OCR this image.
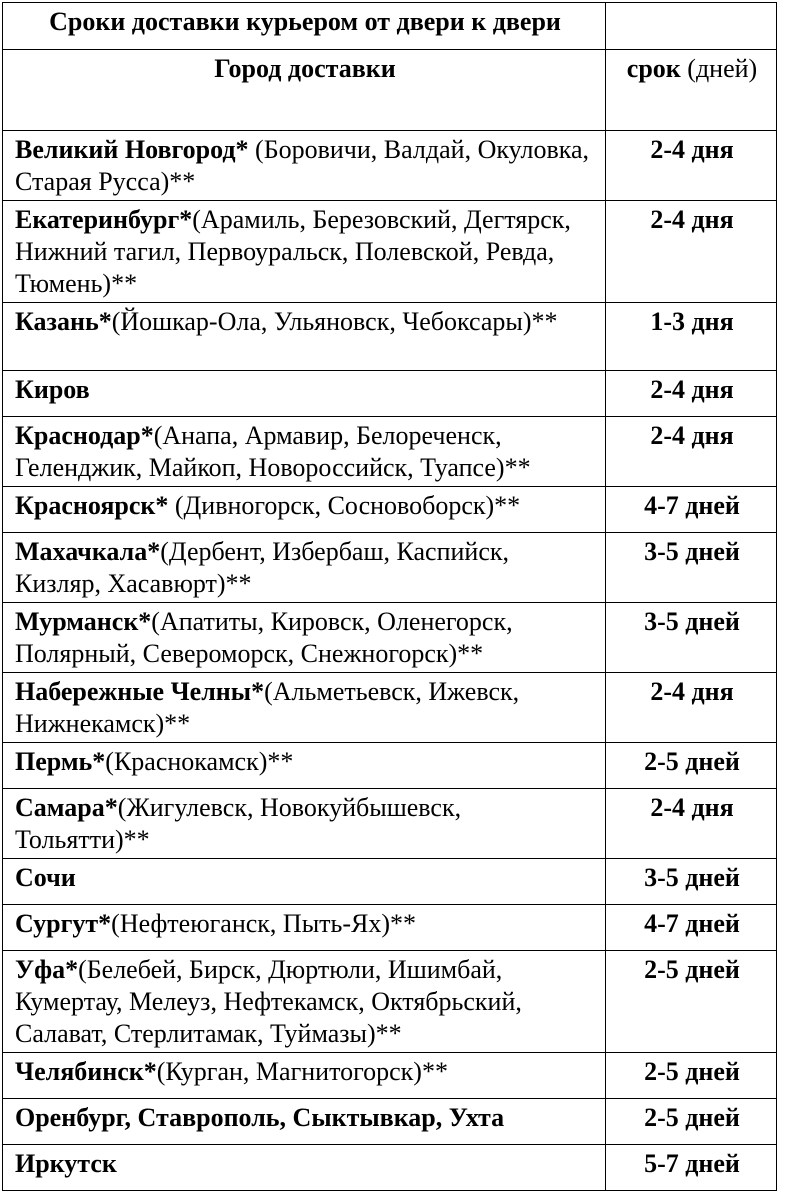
Сроки доставки курьером от двери к двери	
Город доставки	срок (дней)
Великий Новгород* (Боровичи, Валдай, Окуловка, Старая Русса)**	2-4 дня
Екатеринбург*(Арамиль, Березовский, Дегтярск, Нижний тагил, Первоуральск, Полевской, Ревда, Тюмень)**	2-4 дня
Казань*(Йошкар-Ола, Ульяновск, Чебоксары)**	1-3 дня
Киров	2-4 дня
Краснодар*(Анапа, Армавир, Белореченск, Геленджик, Майкоп, Новороссийск, Туапсе)**	2-4 дня
Красноярск* (Дивногорск, Сосновоборск)**	4-7 дней
Махачкала*(Дербент, Избербаш, Каспийск, Кизляр, Хасавюрт)**	3-5 дней
Мурманск*(Апатиты, Кировск, Оленегорск, Полярный, Североморск, Снежногорск)**	3-5 дней
Набережные Челны*(Альметьевск, Ижевск, Нижнекамск)**	2-4 дня
Пермь*(Краснокамск)**	2-5 дней
Самара*(Жигулевск, Новокуйбышевск, Тольятти)**	2-4 дня
Сочи	3-5 дней
Сургут*(Нефтеюганск, Пыть-Ях)**	4-7 дней
Уфа*(Белебей, Бирск, Дюртюли, Ишимбай, Кумертау, Мелеуз, Нефтекамск, Октябрьский, Салават, Стерлитамак, Туймазы)**	2-5 дней
Челябинск*(Курган, Магнитогорск)**	2-5 дней
Оренбург, Ставрополь, Сыктывкар, Ухта	2-5 дней
Иркутск	5-7 дней
